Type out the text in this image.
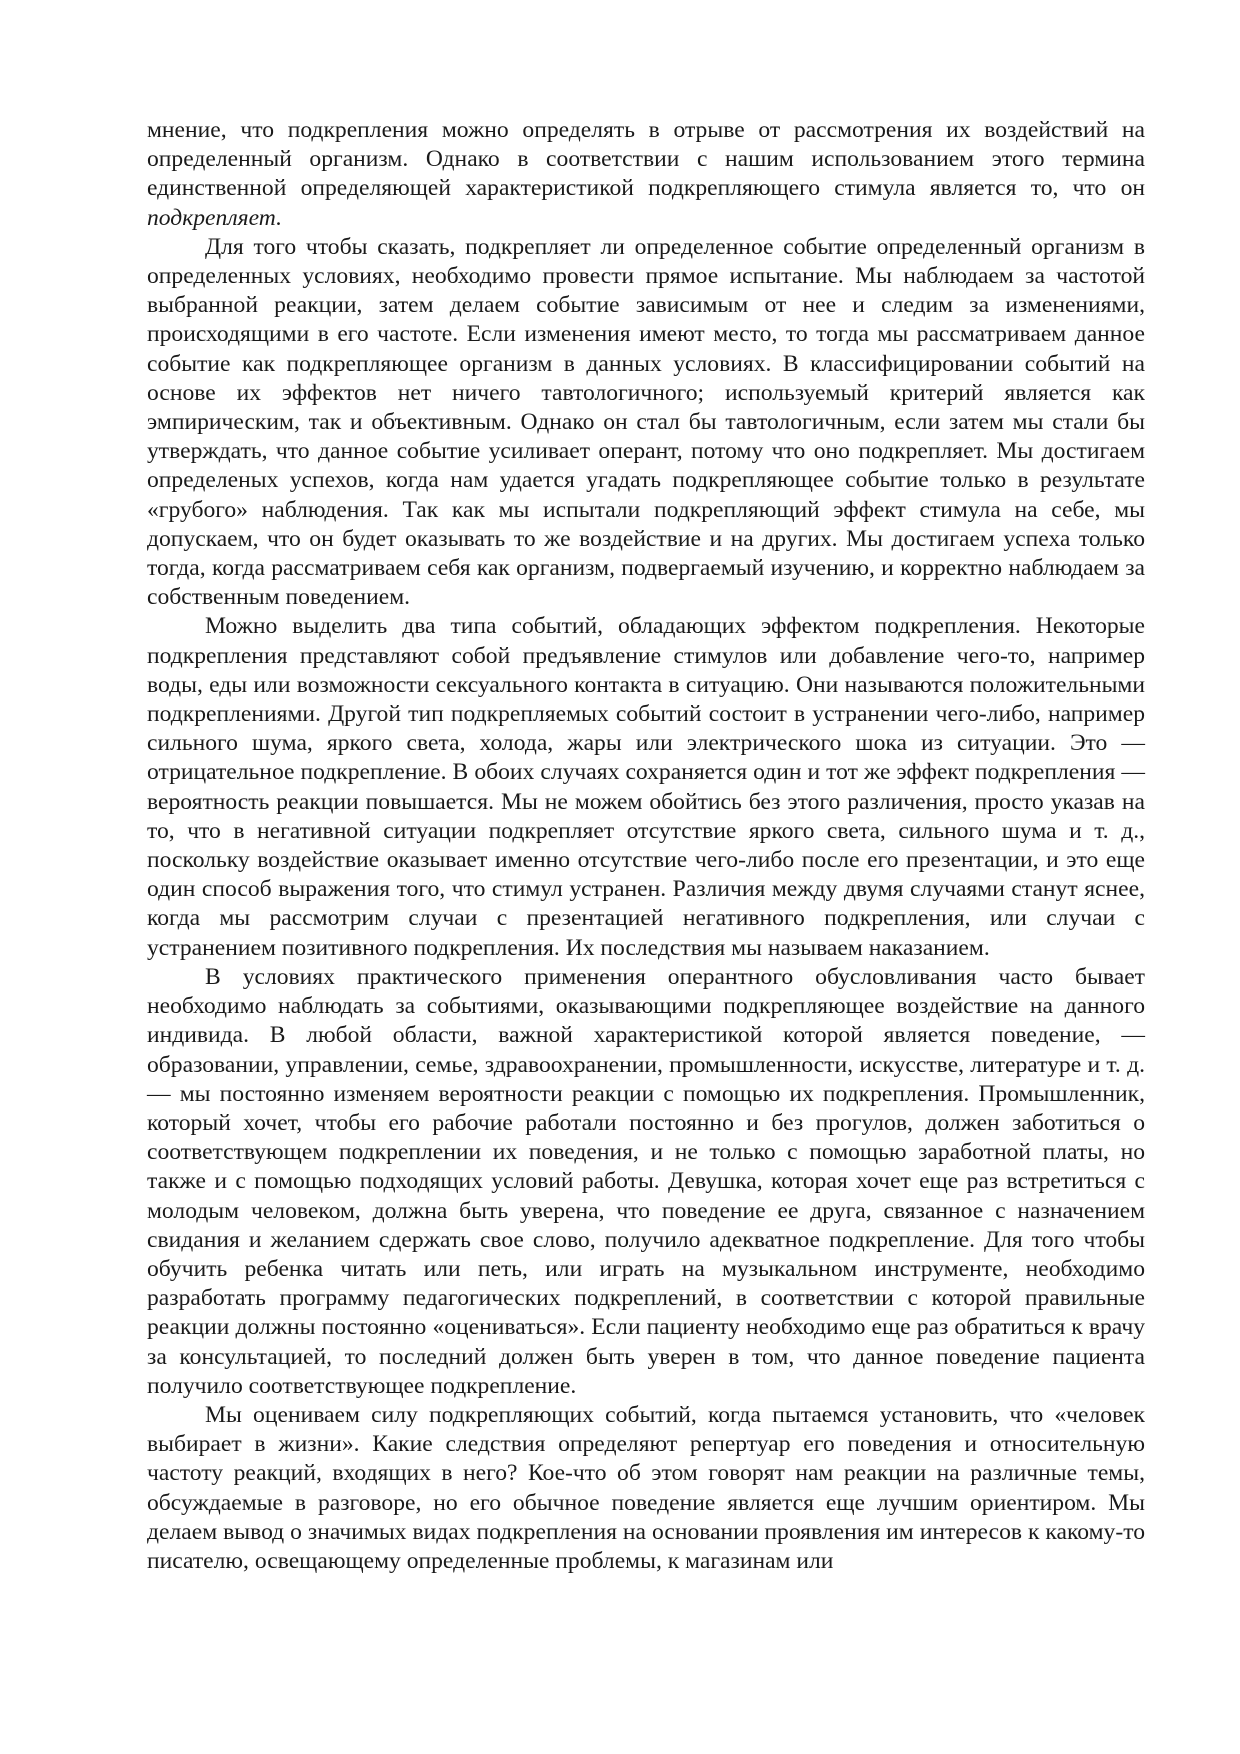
мнение, что подкрепления можно определять в отрыве от рассмотрения их воздействий на определенный организм. Однако в соответствии с нашим использованием этого термина единственной определяющей характеристикой подкрепляющего стимула является то, что он подкрепляет.

Для того чтобы сказать, подкрепляет ли определенное событие определенный организм в определенных условиях, необходимо провести прямое испытание. Мы наблюдаем за частотой выбранной реакции, затем делаем событие зависимым от нее и следим за изменениями, происходящими в его частоте. Если изменения имеют место, то тогда мы рассматриваем данное событие как подкрепляющее организм в данных условиях. В классифицировании событий на основе их эффектов нет ничего тавтологичного; используемый критерий является как эмпирическим, так и объективным. Однако он стал бы тавтологичным, если затем мы стали бы утверждать, что данное событие усиливает оперант, потому что оно подкрепляет. Мы достигаем определеных успехов, когда нам удается угадать подкрепляющее событие только в результате «грубого» наблюдения. Так как мы испытали подкрепляющий эффект стимула на себе, мы допускаем, что он будет оказывать то же воздействие и на других. Мы достигаем успеха только тогда, когда рассматриваем себя как организм, подвергаемый изучению, и корректно наблюдаем за собственным поведением.

Можно выделить два типа событий, обладающих эффектом подкрепления. Некоторые подкрепления представляют собой предъявление стимулов или добавление чего-то, например воды, еды или возможности сексуального контакта в ситуацию. Они называются положительными подкреплениями. Другой тип подкрепляемых событий состоит в устранении чего-либо, например сильного шума, яркого света, холода, жары или электрического шока из ситуации. Это — отрицательное подкрепление. В обоих случаях сохраняется один и тот же эффект подкрепления — вероятность реакции повышается. Мы не можем обойтись без этого различения, просто указав на то, что в негативной ситуации подкрепляет отсутствие яркого света, сильного шума и т. д., поскольку воздействие оказывает именно отсутствие чего-либо после его презентации, и это еще один способ выражения того, что стимул устранен. Различия между двумя случаями станут яснее, когда мы рассмотрим случаи с презентацией негативного подкрепления, или случаи с устранением позитивного подкрепления. Их последствия мы называем наказанием.

В условиях практического применения оперантного обусловливания часто бывает необходимо наблюдать за событиями, оказывающими подкрепляющее воздействие на данного индивида. В любой области, важной характеристикой которой является поведение, — образовании, управлении, семье, здравоохранении, промышленности, искусстве, литературе и т. д. — мы постоянно изменяем вероятности реакции с помощью их подкрепления. Промышленник, который хочет, чтобы его рабочие работали постоянно и без прогулов, должен заботиться о соответствующем подкреплении их поведения, и не только с помощью заработной платы, но также и с помощью подходящих условий работы. Девушка, которая хочет еще раз встретиться с молодым человеком, должна быть уверена, что поведение ее друга, связанное с назначением свидания и желанием сдержать свое слово, получило адекватное подкрепление. Для того чтобы обучить ребенка читать или петь, или играть на музыкальном инструменте, необходимо разработать программу педагогических подкреплений, в соответствии с которой правильные реакции должны постоянно «оцениваться». Если пациенту необходимо еще раз обратиться к врачу за консультацией, то последний должен быть уверен в том, что данное поведение пациента получило соответствующее подкрепление.

Мы оцениваем силу подкрепляющих событий, когда пытаемся установить, что «человек выбирает в жизни». Какие следствия определяют репертуар его поведения и относительную частоту реакций, входящих в него? Кое-что об этом говорят нам реакции на различные темы, обсуждаемые в разговоре, но его обычное поведение является еще лучшим ориентиром. Мы делаем вывод о значимых видах подкрепления на основании проявления им интересов к какому-то писателю, освещающему определенные проблемы, к магазинам или
